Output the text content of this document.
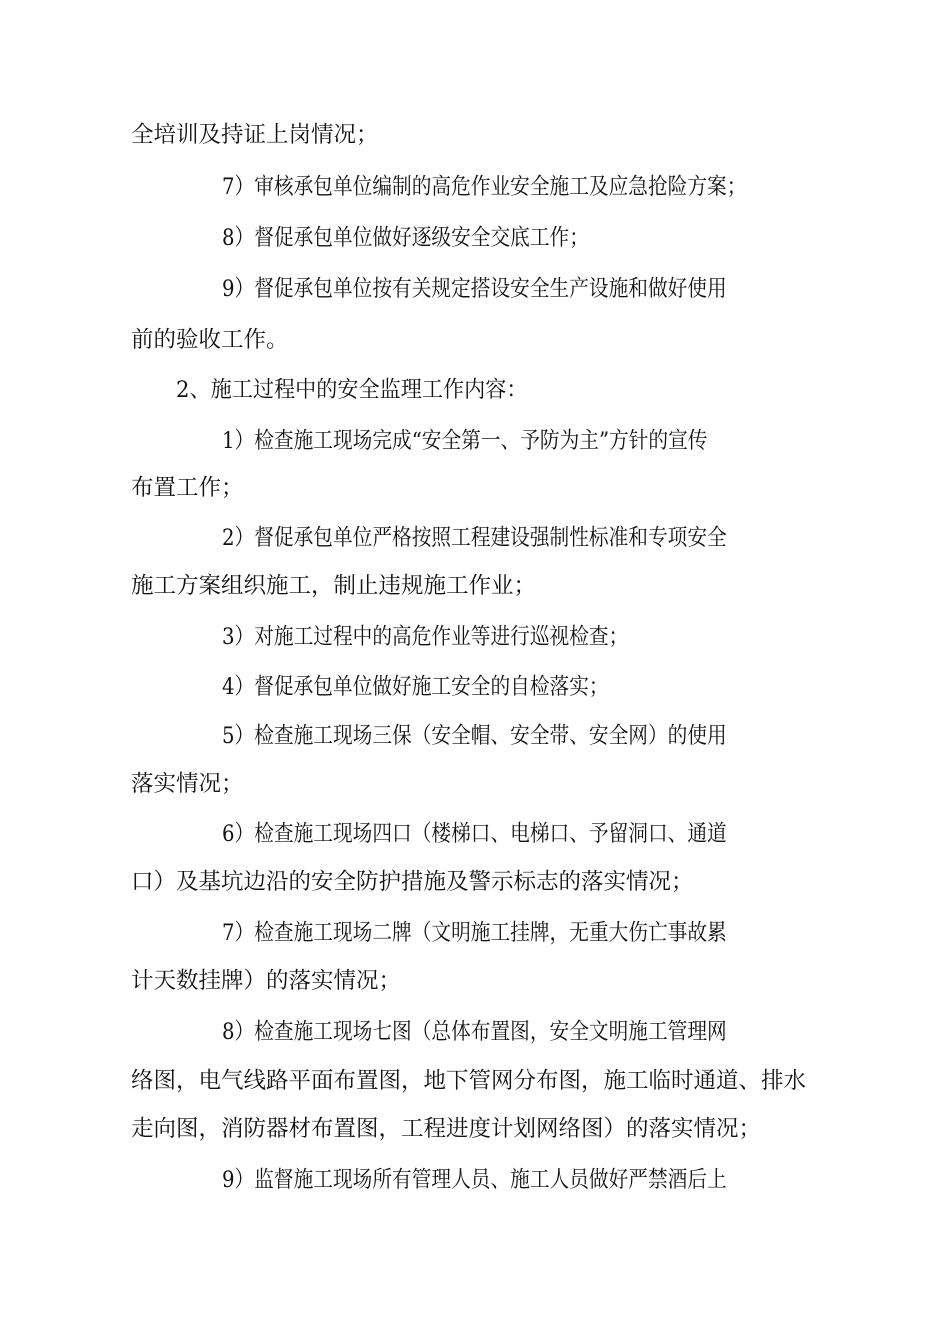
全培训及持证上岗情况；
7）审核承包单位编制的高危作业安全施工及应急抢险方案；
8）督促承包单位做好逐级安全交底工作；
9）督促承包单位按有关规定搭设安全生产设施和做好使用
前的验收工作。
2、施工过程中的安全监理工作内容：
1）检查施工现场完成“安全第一、予防为主”方针的宣传
布置工作；
2）督促承包单位严格按照工程建设强制性标准和专项安全
施工方案组织施工，制止违规施工作业；
3）对施工过程中的高危作业等进行巡视检查；
4）督促承包单位做好施工安全的自检落实；
5）检查施工现场三保（安全帽、安全带、安全网）的使用
落实情况；
6）检查施工现场四口（楼梯口、电梯口、予留洞口、通道
口）及基坑边沿的安全防护措施及警示标志的落实情况；
7）检查施工现场二牌（文明施工挂牌，无重大伤亡事故累
计天数挂牌）的落实情况；
8）检查施工现场七图（总体布置图，安全文明施工管理网
络图，电气线路平面布置图，地下管网分布图，施工临时通道、排水
走向图，消防器材布置图，工程进度计划网络图）的落实情况；
9）监督施工现场所有管理人员、施工人员做好严禁酒后上
